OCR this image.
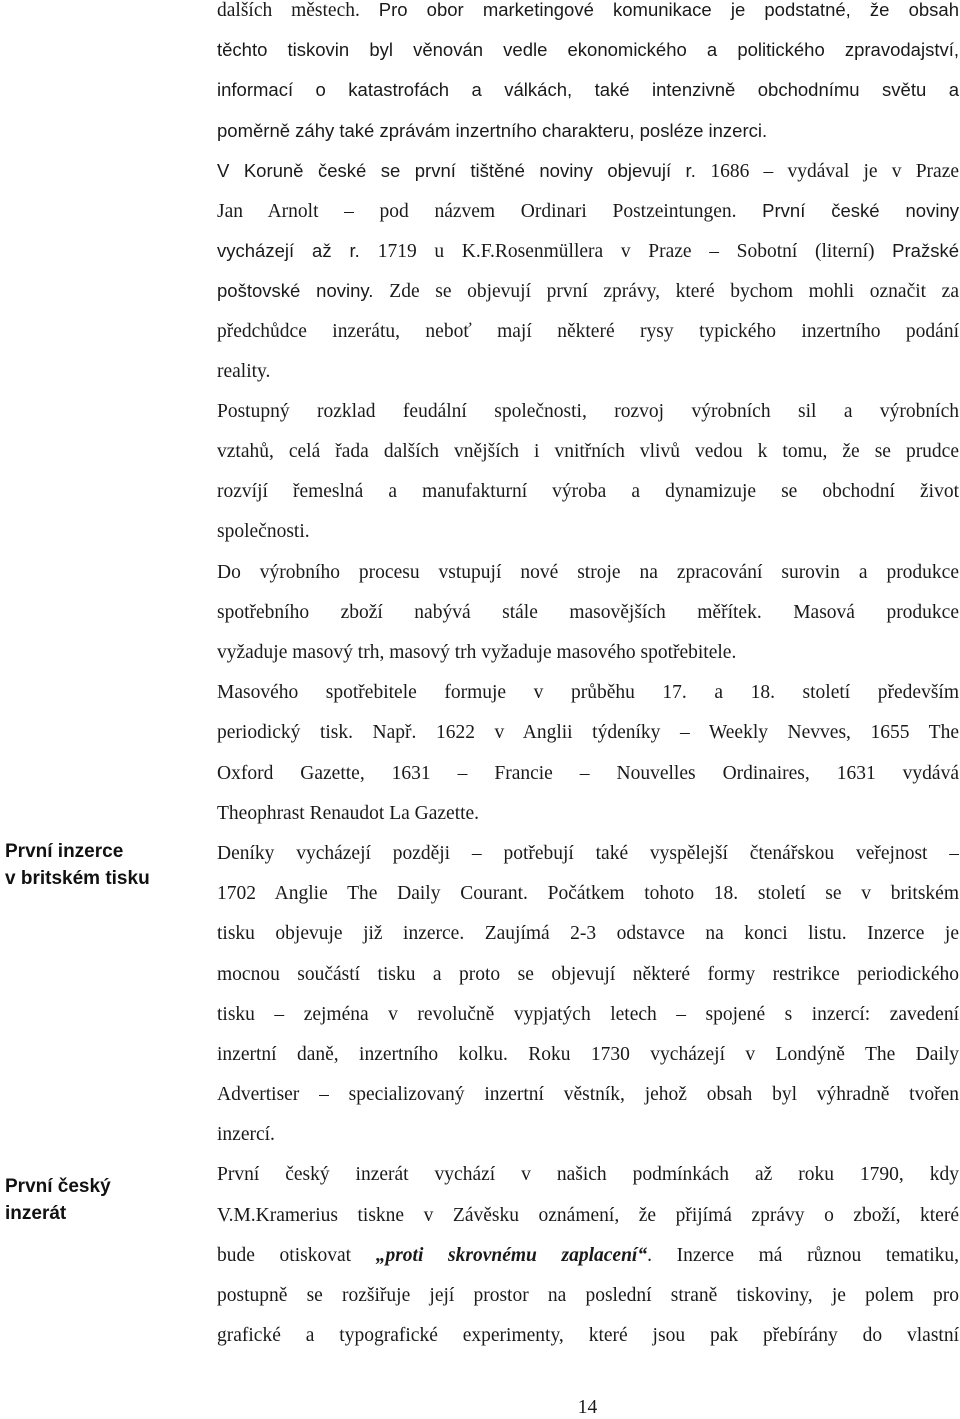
První inzerce
v britském tisku
První český
inzerát
dalších městech. Pro obor marketingové komunikace je podstatné, že obsah
těchto tiskovin byl věnován vedle ekonomického a politického zpravodajství,
informací o katastrofách a válkách, také intenzivně obchodnímu světu a
poměrně záhy také zprávám inzertního charakteru, posléze inzerci.
V Koruně české se první tištěné noviny objevují r. 1686 – vydával je v Praze
Jan Arnolt – pod názvem Ordinari Postzeintungen. První české noviny
vycházejí až r. 1719 u K.F.Rosenmüllera v Praze – Sobotní (literní) Pražské
poštovské noviny. Zde se objevují první zprávy, které bychom mohli označit za
předchůdce inzerátu, neboť mají některé rysy typického inzertního podání
reality.
Postupný rozklad feudální společnosti, rozvoj výrobních sil a výrobních
vztahů, celá řada dalších vnějších i vnitřních vlivů vedou k tomu, že se prudce
rozvíjí řemeslná a manufakturní výroba a dynamizuje se obchodní život
společnosti.
Do výrobního procesu vstupují nové stroje na zpracování surovin a produkce
spotřebního zboží nabývá stále masovějších měřítek. Masová produkce
vyžaduje masový trh, masový trh vyžaduje masového spotřebitele.
Masového spotřebitele formuje v průběhu 17. a 18. století především
periodický tisk. Např. 1622 v Anglii týdeníky – Weekly Nevves, 1655 The
Oxford Gazette, 1631 – Francie – Nouvelles Ordinaires, 1631 vydává
Theophrast Renaudot La Gazette.
Deníky vycházejí později – potřebují také vyspělejší čtenářskou veřejnost –
1702 Anglie The Daily Courant. Počátkem tohoto 18. století se v britském
tisku objevuje již inzerce. Zaujímá 2-3 odstavce na konci listu. Inzerce je
mocnou součástí tisku a proto se objevují některé formy restrikce periodického
tisku – zejména v revolučně vypjatých letech – spojené s inzercí: zavedení
inzertní daně, inzertního kolku. Roku 1730 vycházejí v Londýně The Daily
Advertiser – specializovaný inzertní věstník, jehož obsah byl výhradně tvořen
inzercí.
První český inzerát vychází v našich podmínkách až roku 1790, kdy
V.M.Kramerius tiskne v Závěsku oznámení, že přijímá zprávy o zboží, které
bude otiskovat „proti skrovnému zaplacení“. Inzerce má různou tematiku,
postupně se rozšiřuje její prostor na poslední straně tiskoviny, je polem pro
grafické a typografické experimenty, které jsou pak přebírány do vlastní
14
